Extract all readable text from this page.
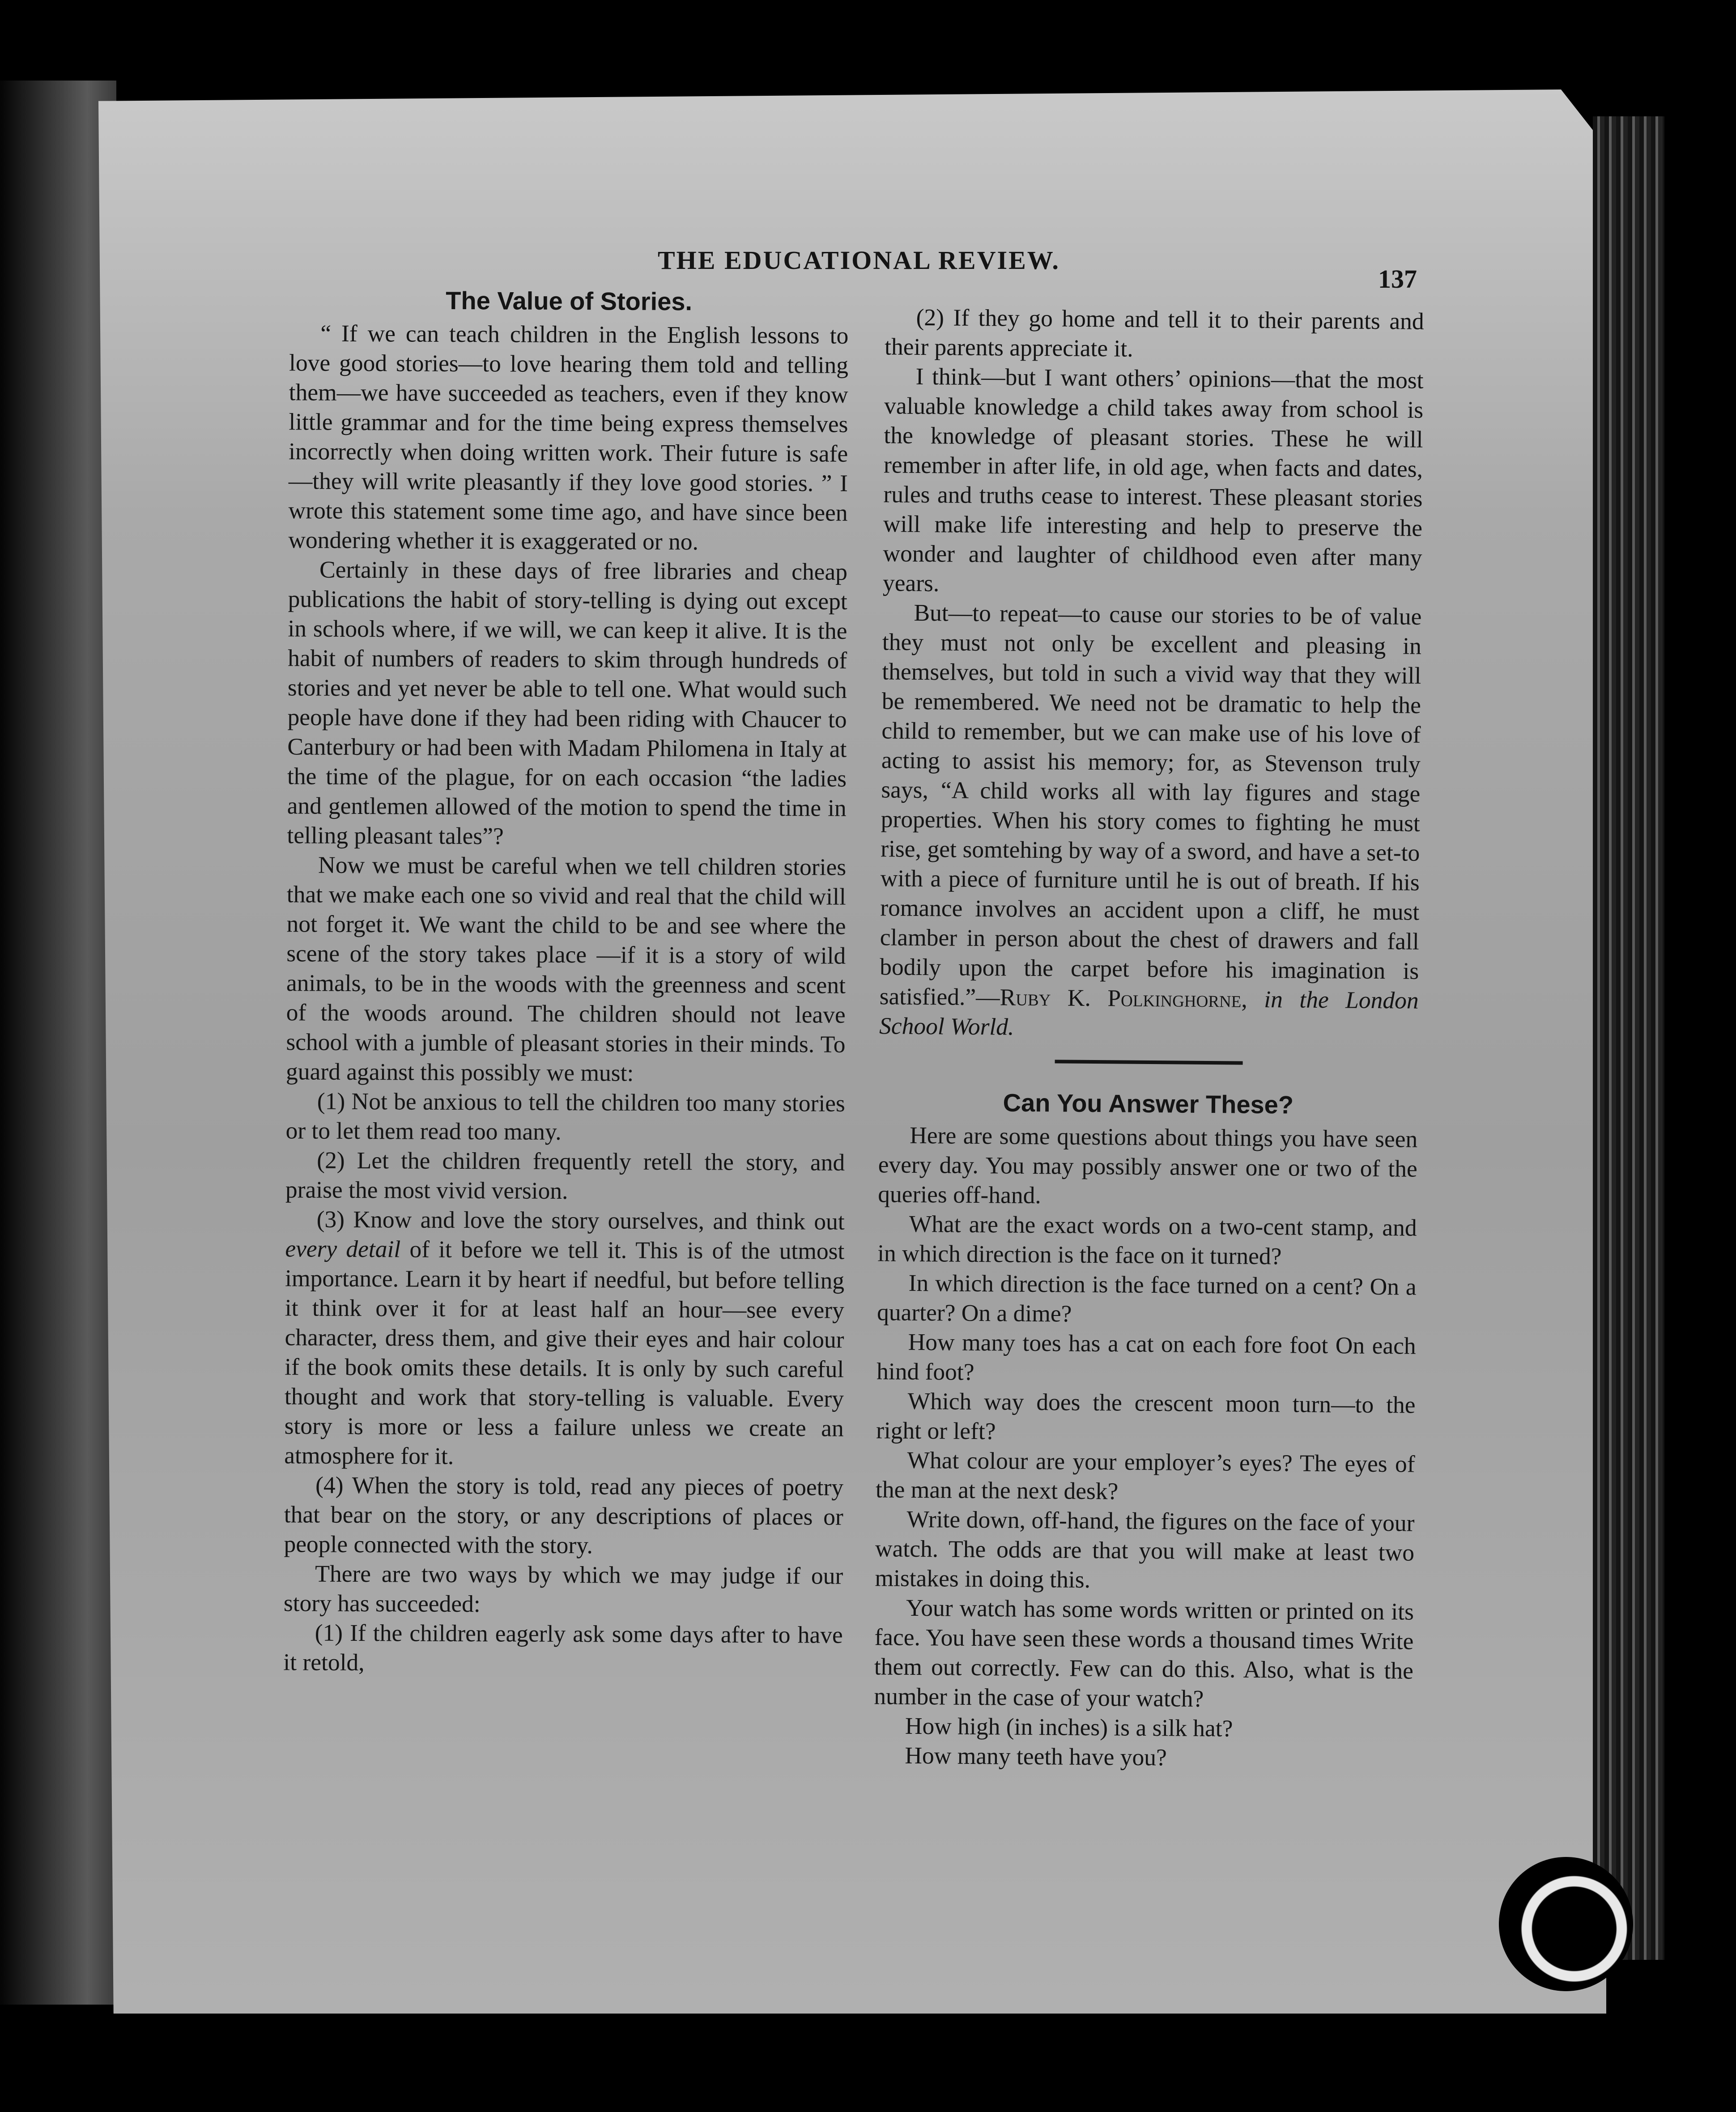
THE EDUCATIONAL REVIEW.
137
The Value of Stories.

“ If we can teach children in the English lessons to love good stories—to love hearing them told and telling them—we have succeeded as teachers, even if they know little grammar and for the time being express themselves incorrectly when doing written work. Their future is safe—they will write pleasantly if they love good stories. ” I wrote this statement some time ago, and have since been wondering whether it is exaggerated or no.

Certainly in these days of free libraries and cheap publications the habit of story-telling is dying out except in schools where, if we will, we can keep it alive. It is the habit of numbers of readers to skim through hundreds of stories and yet never be able to tell one. What would such people have done if they had been riding with Chaucer to Canterbury or had been with Madam Philomena in Italy at the time of the plague, for on each occasion “the ladies and gentlemen allowed of the motion to spend the time in telling pleasant tales”?

Now we must be careful when we tell children stories that we make each one so vivid and real that the child will not forget it. We want the child to be and see where the scene of the story takes place —if it is a story of wild animals, to be in the woods with the greenness and scent of the woods around. The children should not leave school with a jumble of pleasant stories in their minds. To guard against this possibly we must:

(1) Not be anxious to tell the children too many stories or to let them read too many.

(2) Let the children frequently retell the story, and praise the most vivid version.

(3) Know and love the story ourselves, and think out every detail of it before we tell it. This is of the utmost importance. Learn it by heart if needful, but before telling it think over it for at least half an hour—see every character, dress them, and give their eyes and hair colour if the book omits these details. It is only by such careful thought and work that story-telling is valuable. Every story is more or less a failure unless we create an atmosphere for it.

(4) When the story is told, read any pieces of poetry that bear on the story, or any descriptions of places or people connected with the story.

There are two ways by which we may judge if our story has succeeded:

(1) If the children eagerly ask some days after to have it retold,

(2) If they go home and tell it to their parents and their parents appreciate it.

I think—but I want others’ opinions—that the most valuable knowledge a child takes away from school is the knowledge of pleasant stories. These he will remember in after life, in old age, when facts and dates, rules and truths cease to interest. These pleasant stories will make life interesting and help to preserve the wonder and laughter of childhood even after many years.

But—to repeat—to cause our stories to be of value they must not only be excellent and pleasing in themselves, but told in such a vivid way that they will be remembered. We need not be dramatic to help the child to remember, but we can make use of his love of acting to assist his memory; for, as Stevenson truly says, “A child works all with lay figures and stage properties. When his story comes to fighting he must rise, get somtehing by way of a sword, and have a set-to with a piece of furniture until he is out of breath. If his romance involves an accident upon a cliff, he must clamber in person about the chest of drawers and fall bodily upon the carpet before his imagination is satisfied.”—Ruby K. Polkinghorne, in the London School World.

Can You Answer These?

Here are some questions about things you have seen every day. You may possibly answer one or two of the queries off-hand.

What are the exact words on a two-cent stamp, and in which direction is the face on it turned?

In which direction is the face turned on a cent? On a quarter? On a dime?

How many toes has a cat on each fore foot On each hind foot?

Which way does the crescent moon turn—to the right or left?

What colour are your employer’s eyes? The eyes of the man at the next desk?

Write down, off-hand, the figures on the face of your watch. The odds are that you will make at least two mistakes in doing this.

Your watch has some words written or printed on its face. You have seen these words a thousand times Write them out correctly. Few can do this. Also, what is the number in the case of your watch?

How high (in inches) is a silk hat?

How many teeth have you?
